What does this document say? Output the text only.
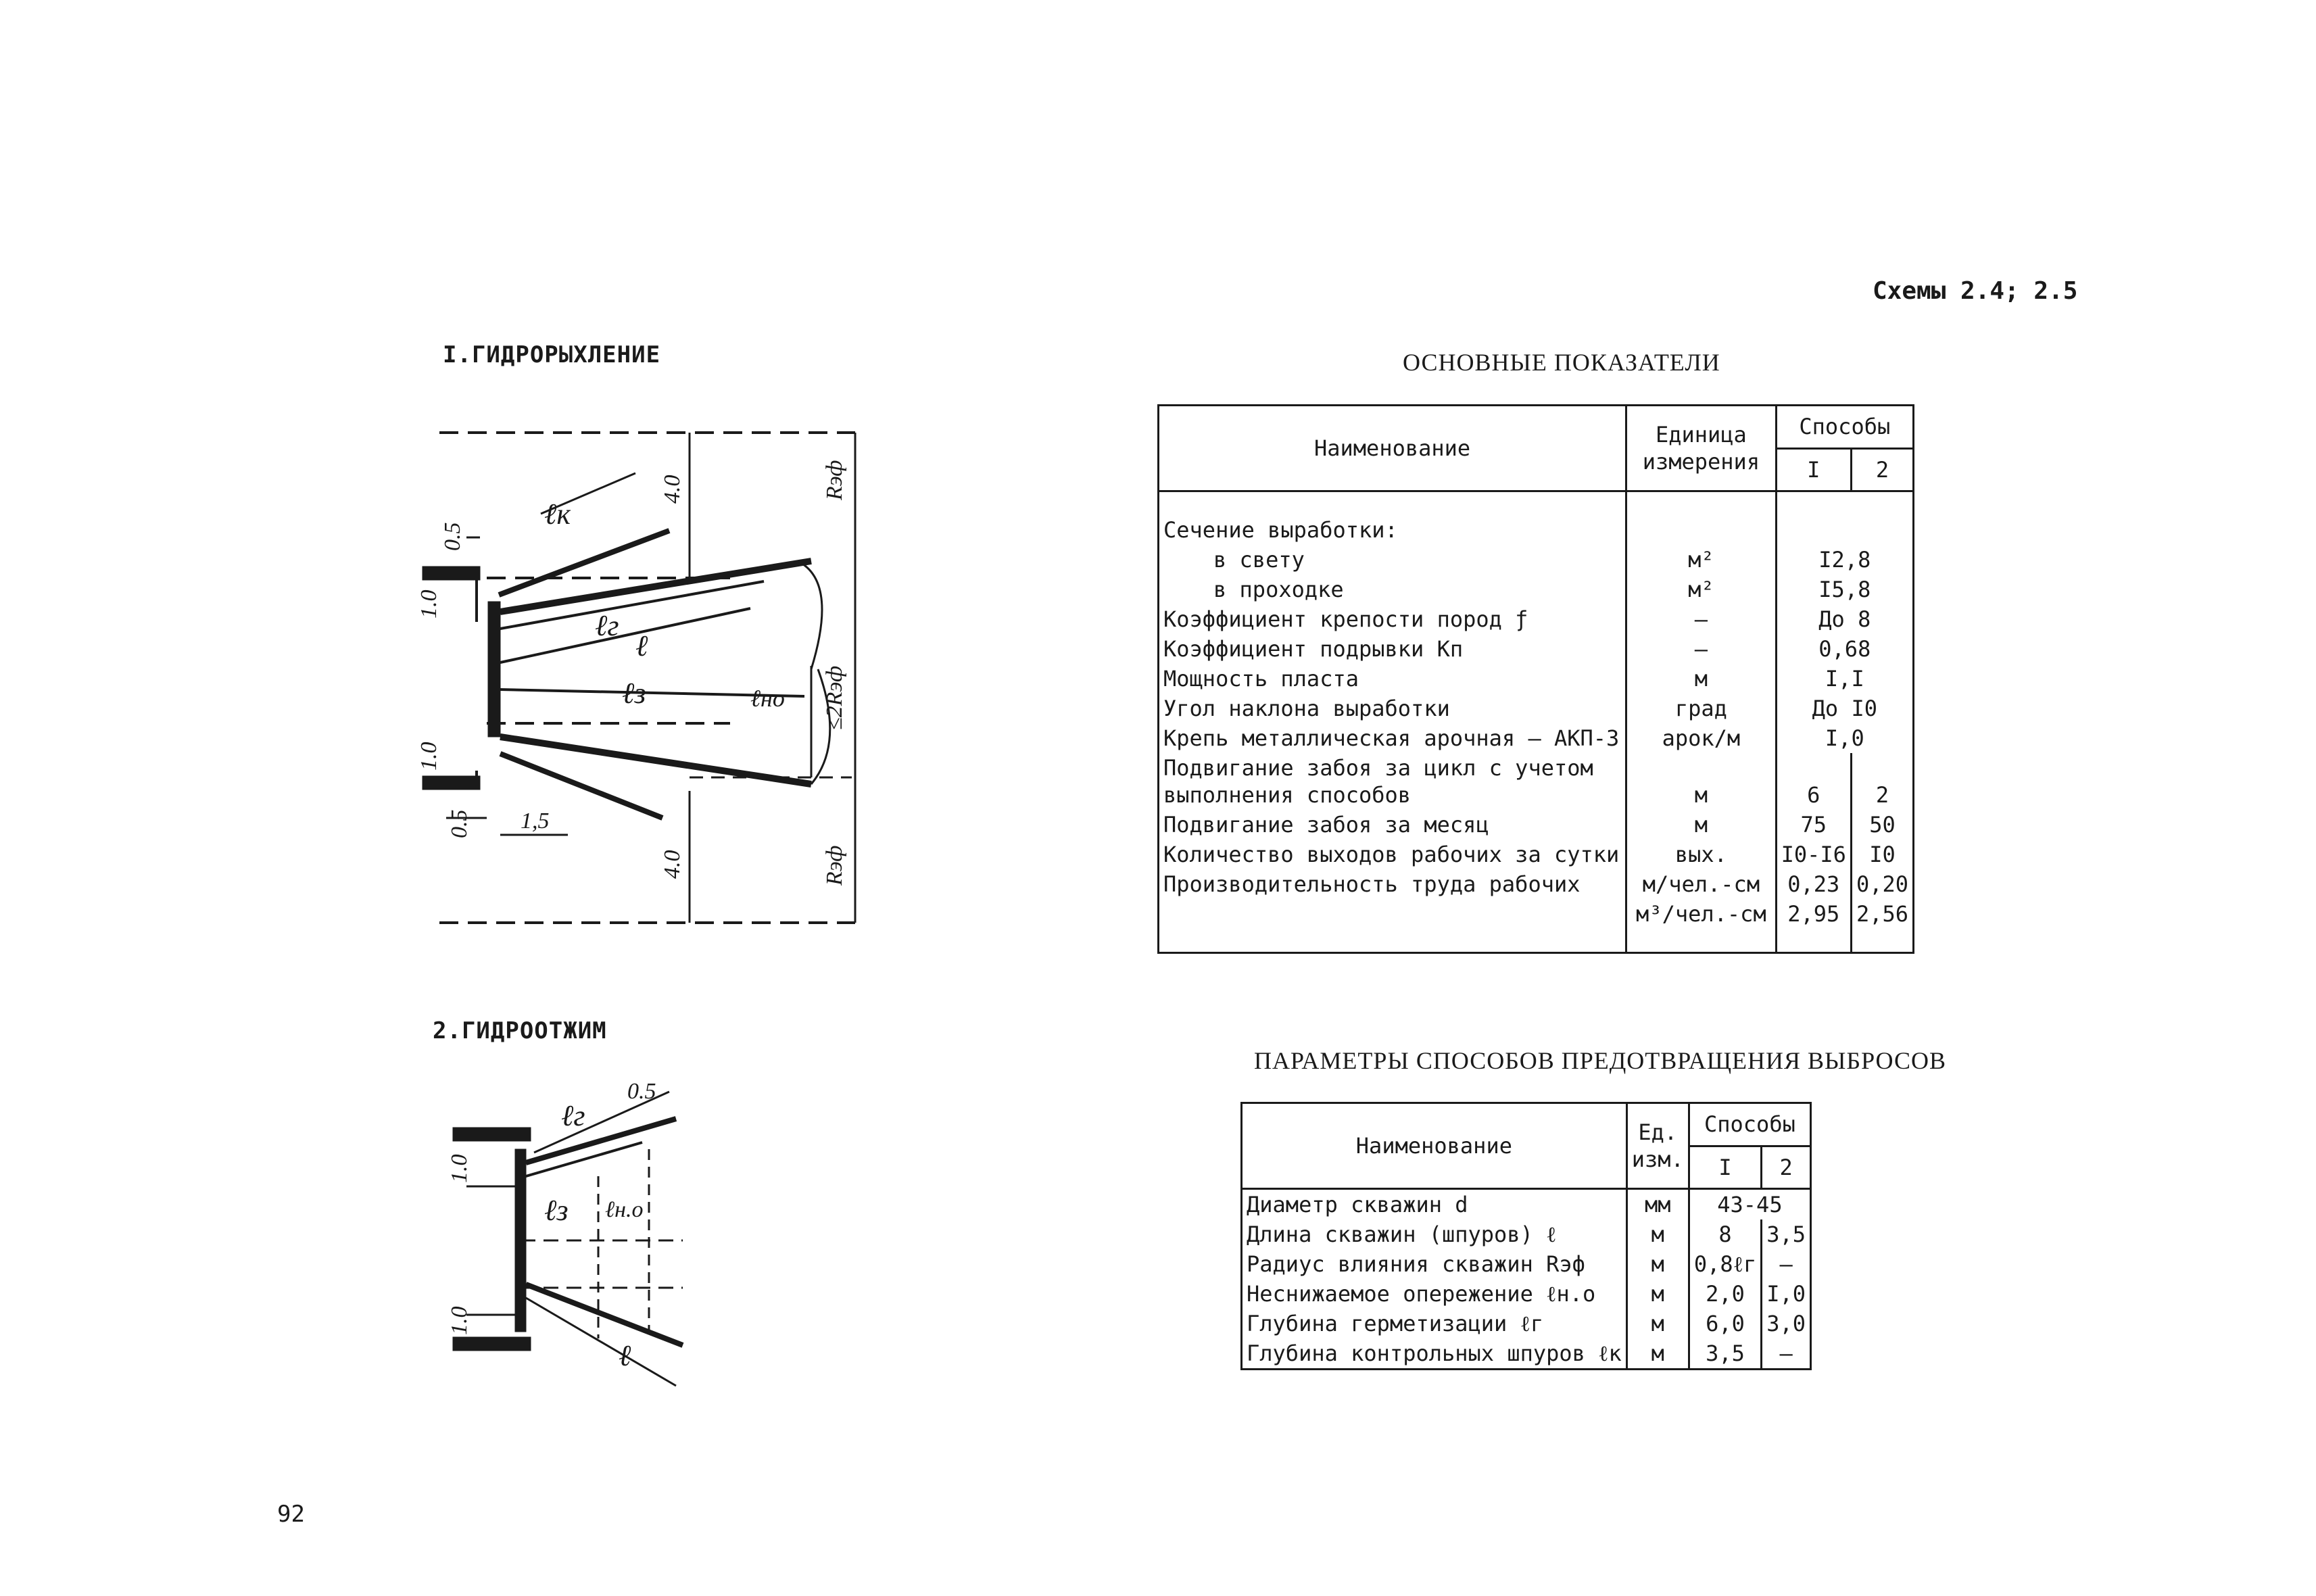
Схемы 2.4; 2.5
I.ГИДРОРЫХЛЕНИЕ
0.5
1.0
4.0
ℓк
ℓг
ℓ
ℓз	ℓно
Rэф
≤2Rэф
1.0
0.5 1,5
4.0	Rэф
2.ГИДРООТЖИМ
ℓг
0.5
1.0
ℓз ℓн.о
1.0
ℓ
ОСНОВНЫЕ ПОКАЗАТЕЛИ
Наименование	Единица измерения	Способы	
		I	2

Сечение выработки:			
в свету	м²	I2,8	
в проходке	м²	I5,8	
Коэффициент крепости пород ƒ	–	До 8	
Коэффициент подрывки Кп	–	0,68	
Мощность пласта	м	I,I	
Угол наклона выработки	град	До I0	
Крепь металлическая арочная – АКП-3	арок/м	I,0	
Подвигание забоя за цикл с учетом выполнения способов	м	6	2
Подвигание забоя за месяц	м	75	50
Количество выходов рабочих за сутки	вых.	I0-I6	I0
Производительность труда рабочих	м/чел.-см	0,23	0,20
	м³/чел.-см	2,95	2,56

ПАРАМЕТРЫ СПОСОБОВ ПРЕДОТВРАЩЕНИЯ ВЫБРОСОВ
Наименование	Ед. изм.	Способы	
		I	2
Диаметр скважин d	мм	43-45	
Длина скважин (шпуров) ℓ	м	8	3,5
Радиус влияния скважин Rэф	м	0,8ℓг	–
Неснижаемое опережение ℓн.о	м	2,0	I,0
Глубина герметизации ℓг	м	6,0	3,0
Глубина контрольных шпуров ℓк	м	3,5	–
92
